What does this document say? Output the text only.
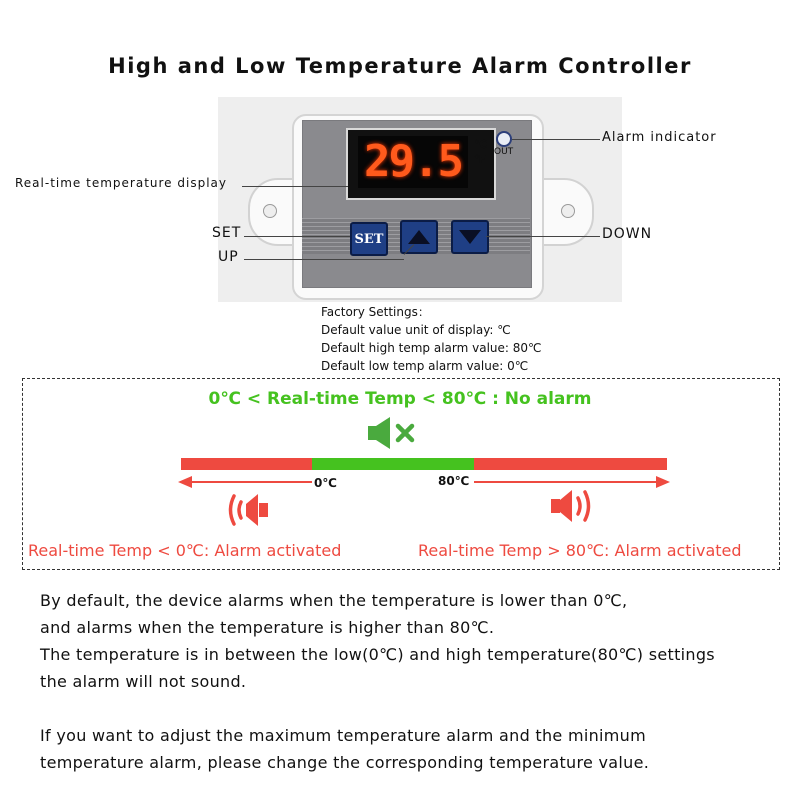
High and Low Temperature Alarm Controller
29.5	℃
℉
OUT
SET
Alarm indicator
Real-time temperature display
SET
UP
DOWN
Factory Settings：
Default value unit of display: ℃
Default high temp alarm value: 80℃
Default low temp alarm value: 0℃
0℃ < Real-time Temp < 80℃ : No alarm
0℃	80℃
Real-time Temp < 0℃: Alarm activated	Real-time Temp > 80℃: Alarm activated
By default, the device alarms when the temperature is lower than 0℃,
and alarms when the temperature is higher than 80℃.
The temperature is in between the low(0℃) and high temperature(80℃) settings
the alarm will not sound.
If you want to adjust the maximum temperature alarm and the minimum
temperature alarm, please change the corresponding temperature value.
